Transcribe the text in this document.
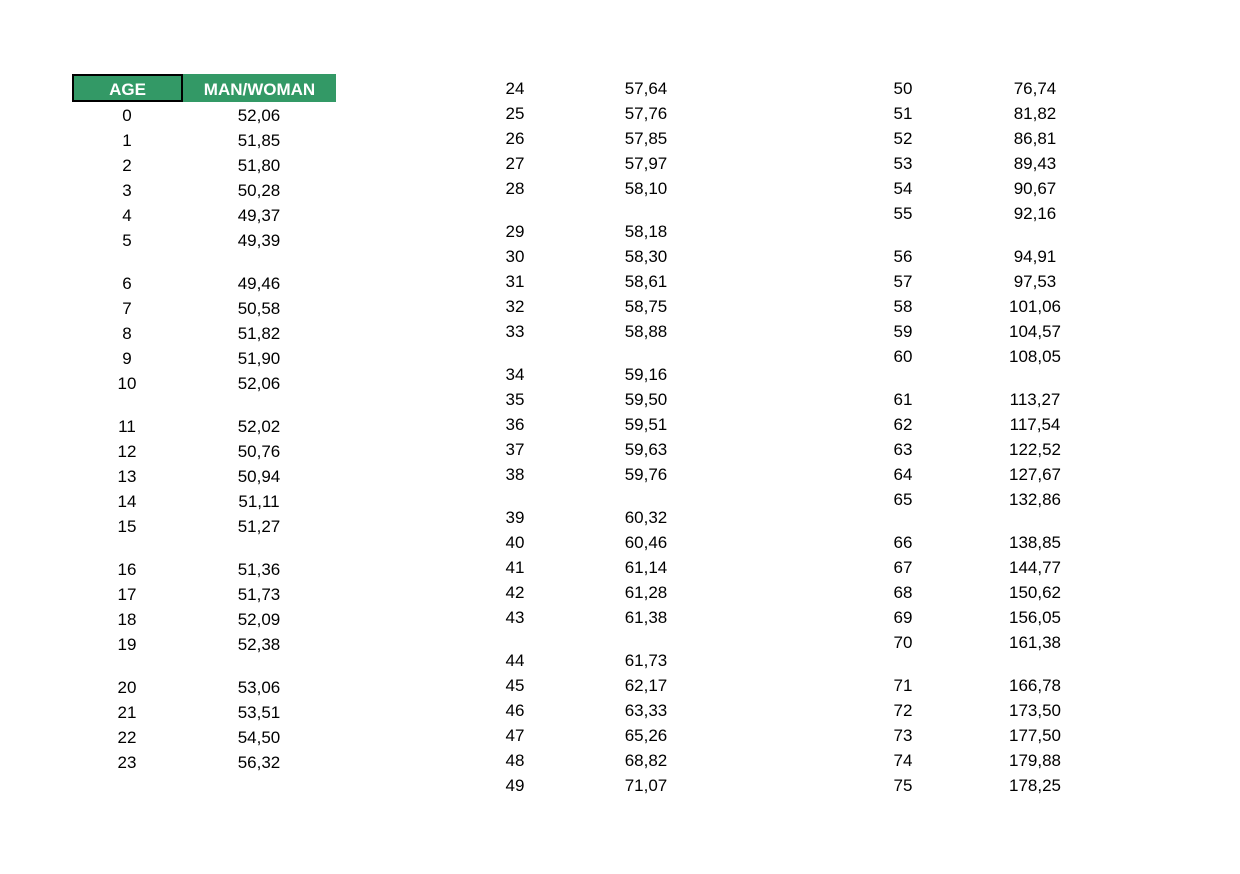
AGE	MAN/WOMAN
0	52,06
1	51,85
2	51,80
3	50,28
4	49,37
5	49,39
6	49,46
7	50,58
8	51,82
9	51,90
10	52,06
11	52,02
12	50,76
13	50,94
14	51,11
15	51,27
16	51,36
17	51,73
18	52,09
19	52,38
20	53,06
21	53,51
22	54,50
23	56,32
24	57,64
25	57,76
26	57,85
27	57,97
28	58,10
29	58,18
30	58,30
31	58,61
32	58,75
33	58,88
34	59,16
35	59,50
36	59,51
37	59,63
38	59,76
39	60,32
40	60,46
41	61,14
42	61,28
43	61,38
44	61,73
45	62,17
46	63,33
47	65,26
48	68,82
49	71,07
50	76,74
51	81,82
52	86,81
53	89,43
54	90,67
55	92,16
56	94,91
57	97,53
58	101,06
59	104,57
60	108,05
61	113,27
62	117,54
63	122,52
64	127,67
65	132,86
66	138,85
67	144,77
68	150,62
69	156,05
70	161,38
71	166,78
72	173,50
73	177,50
74	179,88
75	178,25
